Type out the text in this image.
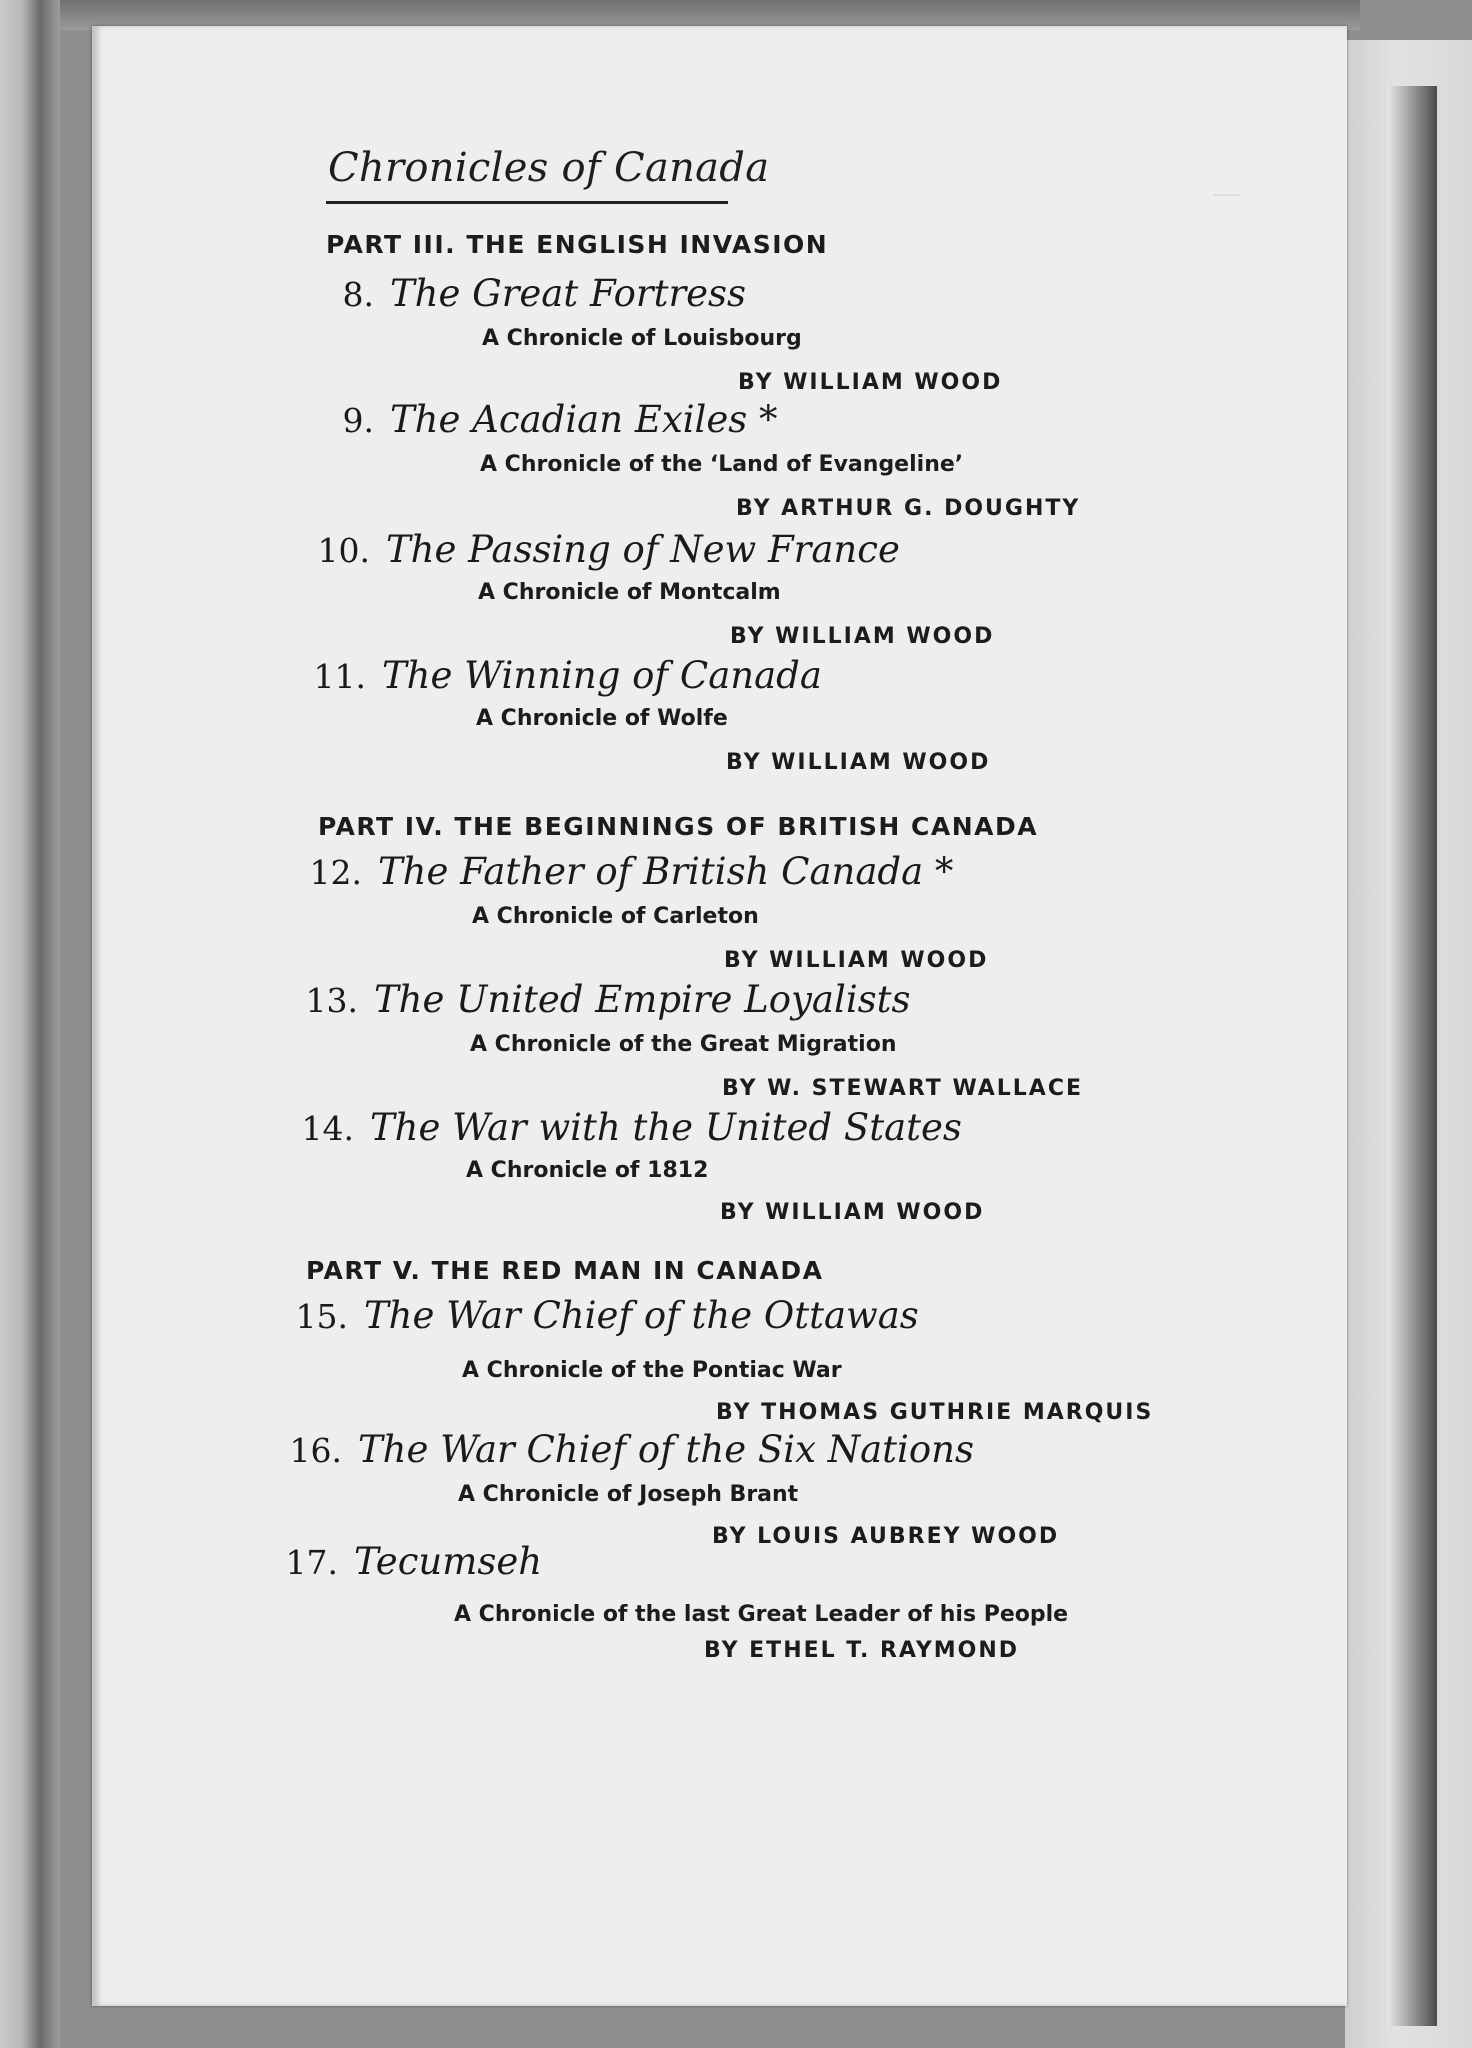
—
Chronicles of Canada
PART III. THE ENGLISH INVASION
8. The Great Fortress
A Chronicle of Louisbourg
BY WILLIAM WOOD
9. The Acadian Exiles *
A Chronicle of the ‘Land of Evangeline’
BY ARTHUR G. DOUGHTY
10. The Passing of New France
A Chronicle of Montcalm
BY WILLIAM WOOD
11. The Winning of Canada
A Chronicle of Wolfe
BY WILLIAM WOOD
PART IV. THE BEGINNINGS OF BRITISH CANADA
12. The Father of British Canada *
A Chronicle of Carleton
BY WILLIAM WOOD
13. The United Empire Loyalists
A Chronicle of the Great Migration
BY W. STEWART WALLACE
14. The War with the United States
A Chronicle of 1812
BY WILLIAM WOOD
PART V. THE RED MAN IN CANADA
15. The War Chief of the Ottawas
A Chronicle of the Pontiac War
BY THOMAS GUTHRIE MARQUIS
16. The War Chief of the Six Nations
A Chronicle of Joseph Brant
BY LOUIS AUBREY WOOD
17. Tecumseh
A Chronicle of the last Great Leader of his People
BY ETHEL T. RAYMOND
